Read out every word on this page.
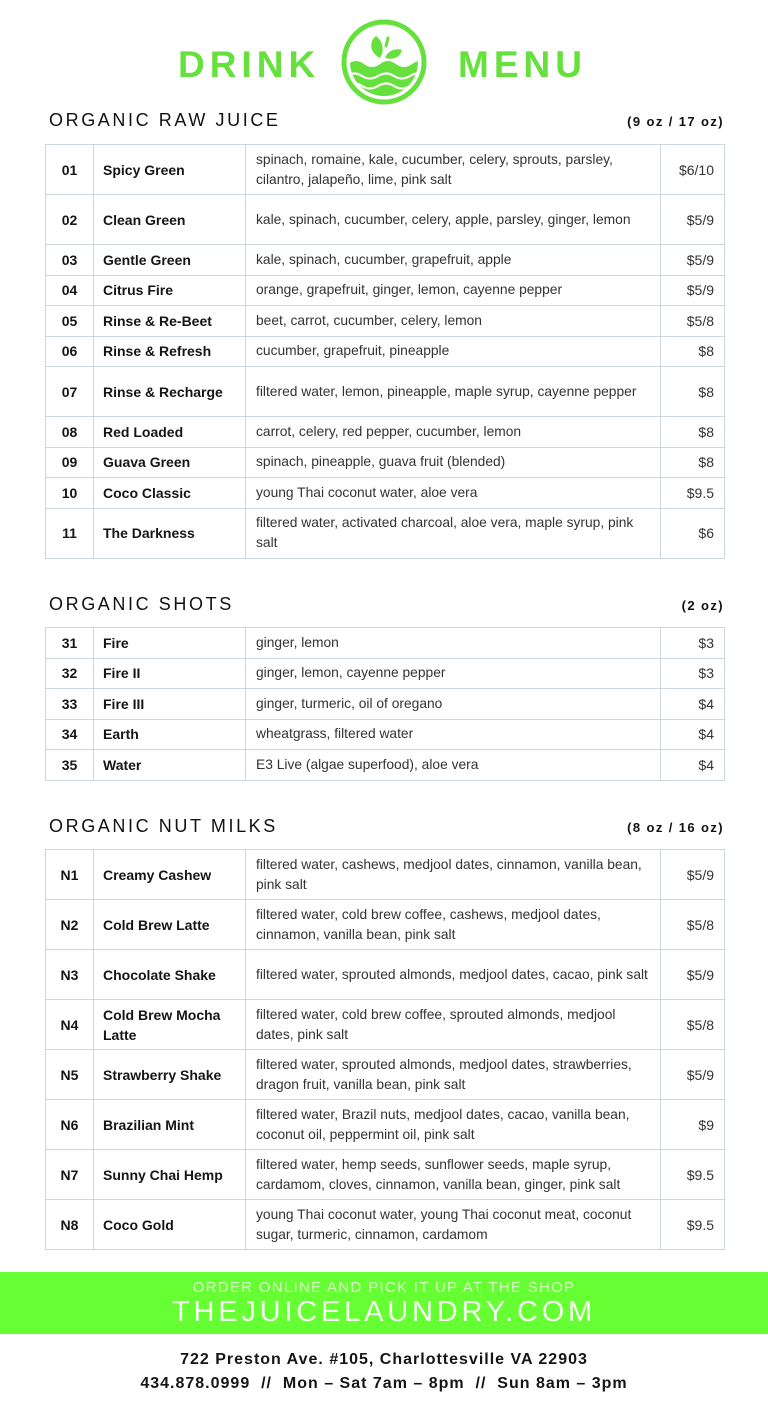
DRINK	MENU
ORGANIC RAW JUICE	(9 oz / 17 oz)
01	Spicy Green	spinach, romaine, kale, cucumber, celery, sprouts, parsley, cilantro, jalapeño, lime, pink salt	$6/10
02	Clean Green	kale, spinach, cucumber, celery, apple, parsley, ginger, lemon	$5/9
03	Gentle Green	kale, spinach, cucumber, grapefruit, apple	$5/9
04	Citrus Fire	orange, grapefruit, ginger, lemon, cayenne pepper	$5/9
05	Rinse & Re-Beet	beet, carrot, cucumber, celery, lemon	$5/8
06	Rinse & Refresh	cucumber, grapefruit, pineapple	$8
07	Rinse & Recharge	filtered water, lemon, pineapple, maple syrup, cayenne pepper	$8
08	Red Loaded	carrot, celery, red pepper, cucumber, lemon	$8
09	Guava Green	spinach, pineapple, guava fruit (blended)	$8
10	Coco Classic	young Thai coconut water, aloe vera	$9.5
11	The Darkness	filtered water, activated charcoal, aloe vera, maple syrup, pink salt	$6
ORGANIC SHOTS	(2 oz)
31	Fire	ginger, lemon	$3
32	Fire II	ginger, lemon, cayenne pepper	$3
33	Fire III	ginger, turmeric, oil of oregano	$4
34	Earth	wheatgrass, filtered water	$4
35	Water	E3 Live (algae superfood), aloe vera	$4
ORGANIC NUT MILKS	(8 oz / 16 oz)
N1	Creamy Cashew	filtered water, cashews, medjool dates, cinnamon, vanilla bean, pink salt	$5/9
N2	Cold Brew Latte	filtered water, cold brew coffee, cashews, medjool dates, cinnamon, vanilla bean, pink salt	$5/8
N3	Chocolate Shake	filtered water, sprouted almonds, medjool dates, cacao, pink salt	$5/9
N4	Cold Brew Mocha Latte	filtered water, cold brew coffee, sprouted almonds, medjool dates, pink salt	$5/8
N5	Strawberry Shake	filtered water, sprouted almonds, medjool dates, strawberries, dragon fruit, vanilla bean, pink salt	$5/9
N6	Brazilian Mint	filtered water, Brazil nuts, medjool dates, cacao, vanilla bean, coconut oil, peppermint oil, pink salt	$9
N7	Sunny Chai Hemp	filtered water, hemp seeds, sunflower seeds, maple syrup, cardamom, cloves, cinnamon, vanilla bean, ginger, pink salt	$9.5
N8	Coco Gold	young Thai coconut water, young Thai coconut meat, coconut sugar, turmeric, cinnamon, cardamom	$9.5
ORDER ONLINE AND PICK IT UP AT THE SHOP
THEJUICELAUNDRY.COM
722 Preston Ave. #105, Charlottesville VA 22903
434.878.0999  //  Mon – Sat 7am – 8pm  //  Sun 8am – 3pm
